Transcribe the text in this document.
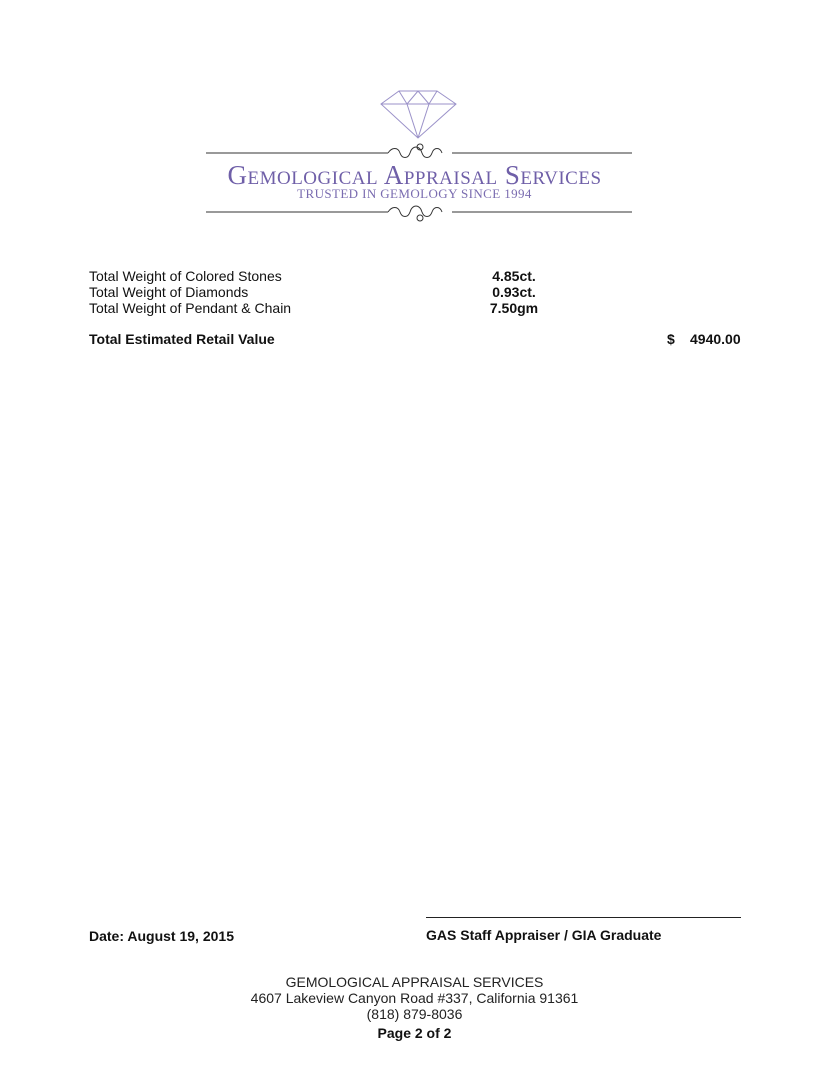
Gemological Appraisal Services
TRUSTED IN GEMOLOGY SINCE 1994
Total Weight of Colored Stones	4.85ct.
Total Weight of Diamonds	0.93ct.
Total Weight of Pendant & Chain	7.50gm
Total Estimated Retail Value	$ 4940.00
Date: August 19, 2015	GAS Staff Appraiser / GIA Graduate
GEMOLOGICAL APPRAISAL SERVICES
4607 Lakeview Canyon Road #337, California 91361
(818) 879-8036
Page 2 of 2
